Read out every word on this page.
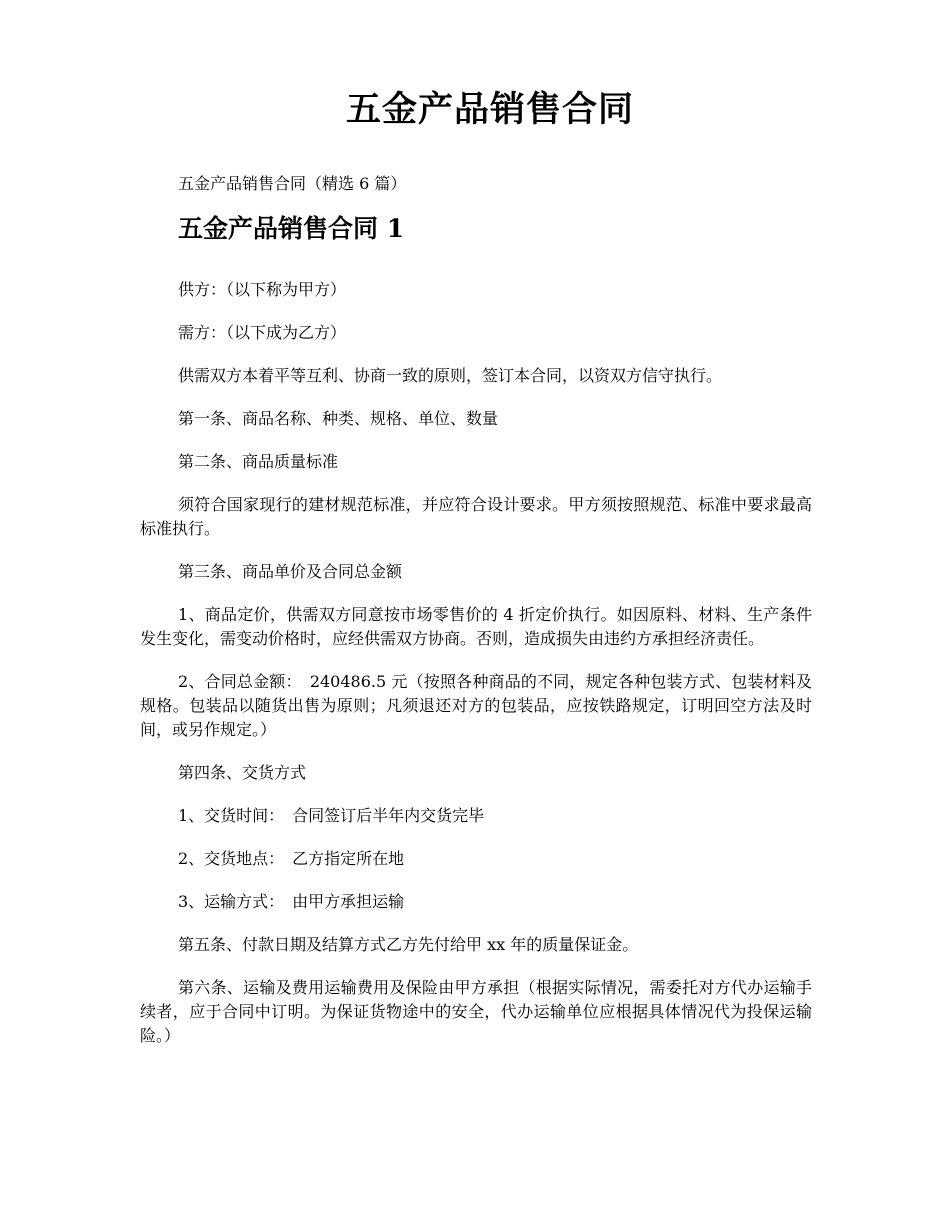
五金产品销售合同

五金产品销售合同（精选 6 篇）

五金产品销售合同 1

供方：（以下称为甲方）

需方：（以下成为乙方）

供需双方本着平等互利、协商一致的原则，签订本合同，以资双方信守执行。

第一条、商品名称、种类、规格、单位、数量

第二条、商品质量标准

须符合国家现行的建材规范标准，并应符合设计要求。甲方须按照规范、标准中要求最高标准执行。

第三条、商品单价及合同总金额

1、商品定价，供需双方同意按市场零售价的 4 折定价执行。如因原料、材料、生产条件发生变化，需变动价格时，应经供需双方协商。否则，造成损失由违约方承担经济责任。

2、合同总金额：　240486.5 元（按照各种商品的不同，规定各种包装方式、包装材料及规格。包装品以随货出售为原则；凡须退还对方的包装品，应按铁路规定，订明回空方法及时间，或另作规定。）

第四条、交货方式

1、交货时间：　合同签订后半年内交货完毕

2、交货地点：　乙方指定所在地

3、运输方式：　由甲方承担运输

第五条、付款日期及结算方式乙方先付给甲 xx 年的质量保证金。

第六条、运输及费用运输费用及保险由甲方承担（根据实际情况，需委托对方代办运输手续者，应于合同中订明。为保证货物途中的安全，代办运输单位应根据具体情况代为投保运输险。）
